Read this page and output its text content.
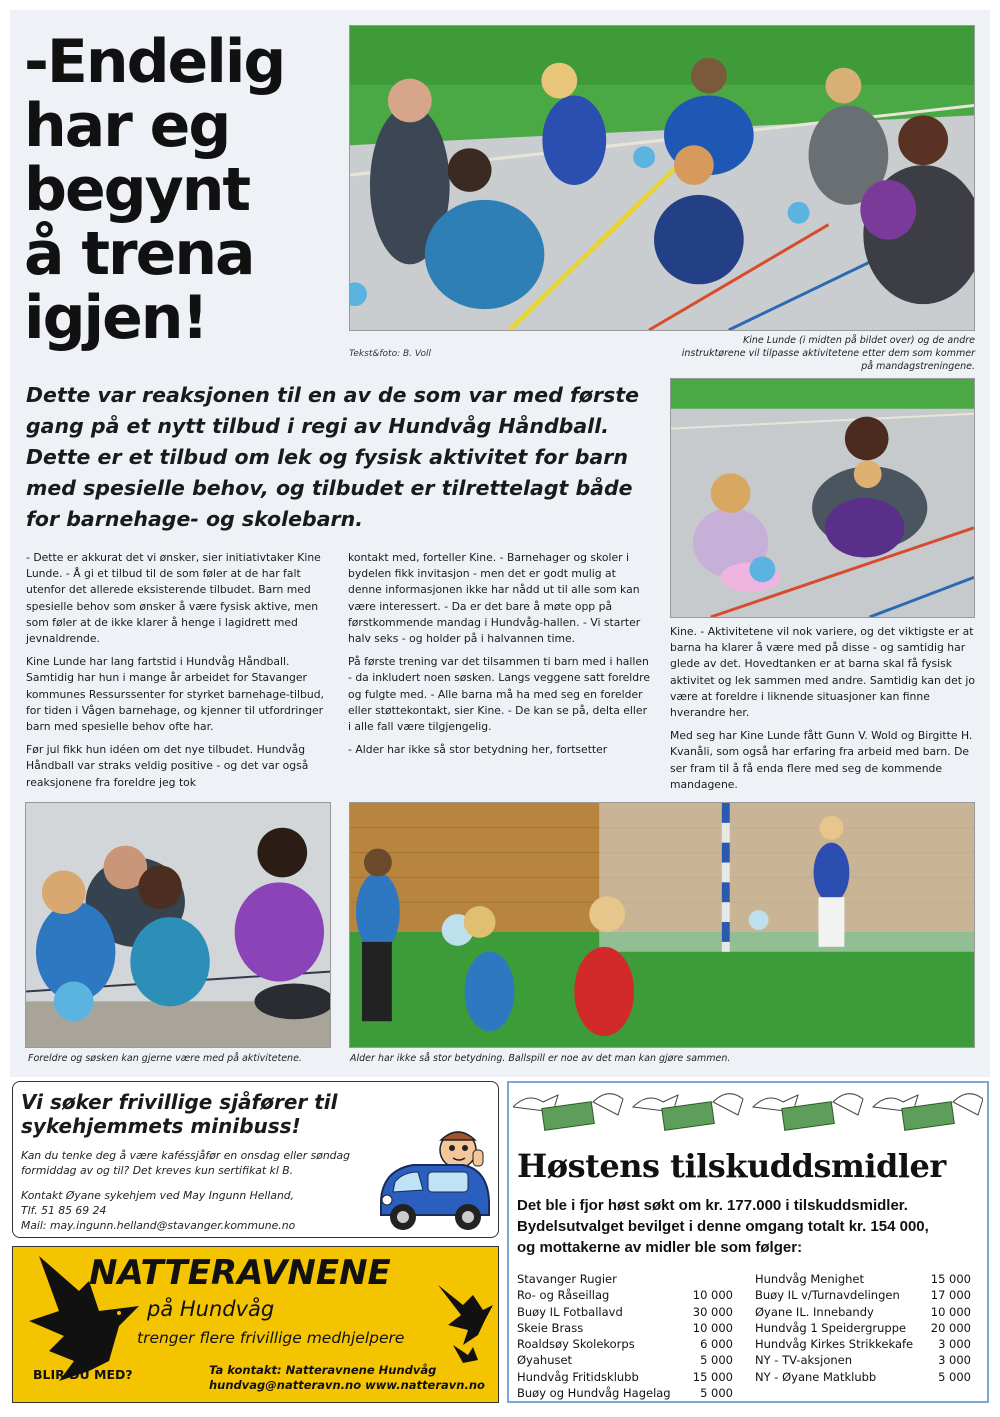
-Endelig
har eg
begynt
å trena
igjen!
Tekst&foto: B. Voll
Kine Lunde (i midten på bildet over) og de andre instruktørene vil tilpasse aktivitetene etter dem som kommer på mandagstreningene.
Dette var reaksjonen til en av de som var med første gang på et nytt tilbud i regi av Hundvåg Håndball. Dette er et tilbud om lek og fysisk aktivitet for barn med spesielle behov, og tilbudet er tilrettelagt både for barnehage- og skolebarn.

- Dette er akkurat det vi ønsker, sier initiativtaker Kine Lunde. - Å gi et tilbud til de som føler at de har falt utenfor det allerede eksisterende tilbudet. Barn med spesielle behov som ønsker å være fysisk aktive, men som føler at de ikke klarer å henge i lagidrett med jevnaldrende.

Kine Lunde har lang fartstid i Hundvåg Håndball. Samtidig har hun i mange år arbeidet for Stavanger kommunes Ressurssenter for styrket barnehage-tilbud, for tiden i Vågen barnehage, og kjenner til utfordringer barn med spesielle behov ofte har.

Før jul fikk hun idéen om det nye tilbudet. Hundvåg Håndball var straks veldig positive - og det var også reaksjonene fra foreldre jeg tok

kontakt med, forteller Kine. - Barnehager og skoler i bydelen fikk invitasjon - men det er godt mulig at denne informasjonen ikke har nådd ut til alle som kan være interessert. - Da er det bare å møte opp på førstkommende mandag i Hundvåg-hallen. - Vi starter halv seks - og holder på i halvannen time.

På første trening var det tilsammen ti barn med i hallen - da inkludert noen søsken. Langs veggene satt foreldre og fulgte med. - Alle barna må ha med seg en forelder eller støttekontakt, sier Kine. - De kan se på, delta eller i alle fall være tilgjengelig.

- Alder har ikke så stor betydning her, fortsetter

Kine. - Aktivitetene vil nok variere, og det viktigste er at barna ha klarer å være med på disse - og samtidig har glede av det. Hovedtanken er at barna skal få fysisk aktivitet og lek sammen med andre. Samtidig kan det jo være at foreldre i liknende situasjoner kan finne hverandre her.

Med seg har Kine Lunde fått Gunn V. Wold og Birgitte H. Kvanåli, som også har erfaring fra arbeid med barn. De ser fram til å få enda flere med seg de kommende mandagene.

Foreldre og søsken kan gjerne være med på aktivitetene.	Alder har ikke så stor betydning. Ballspill er noe av det man kan gjøre sammen.
Vi søker frivillige sjåfører til
sykehjemmets minibuss!
Kan du tenke deg å være kaféssjåfør en onsdag eller søndag
formiddag av og til? Det kreves kun sertifikat kl B.
Kontakt Øyane sykehjem ved May Ingunn Helland,
Tlf. 51 85 69 24
Mail: may.ingunn.helland@stavanger.kommune.no
NATTERAVNENE
på Hundvåg
trenger flere frivillige medhjelpere
BLIR DU MED?	Ta kontakt: Natteravnene Hundvåg
hundvag@natteravn.no www.natteravn.no
Høstens tilskuddsmidler
Det ble i fjor høst søkt om kr. 177.000 i tilskuddsmidler.
Bydelsutvalget bevilget i denne omgang totalt kr. 154 000,
og mottakerne av midler ble som følger:
Stavanger Rugier
Ro- og Råseillag	10 000
Buøy IL Fotballavd	30 000
Skeie Brass	10 000
Roaldsøy Skolekorps	6 000
Øyahuset	5 000
Hundvåg Fritidsklubb	15 000
Buøy og Hundvåg Hagelag	5 000
Hundvåg Menighet	15 000
Buøy IL v/Turnavdelingen	17 000
Øyane IL. Innebandy	10 000
Hundvåg 1 Speidergruppe 20 000
Hundvåg Kirkes Strikkekafe 3 000
NY - TV-aksjonen	3 000
NY - Øyane Matklubb	5 000
